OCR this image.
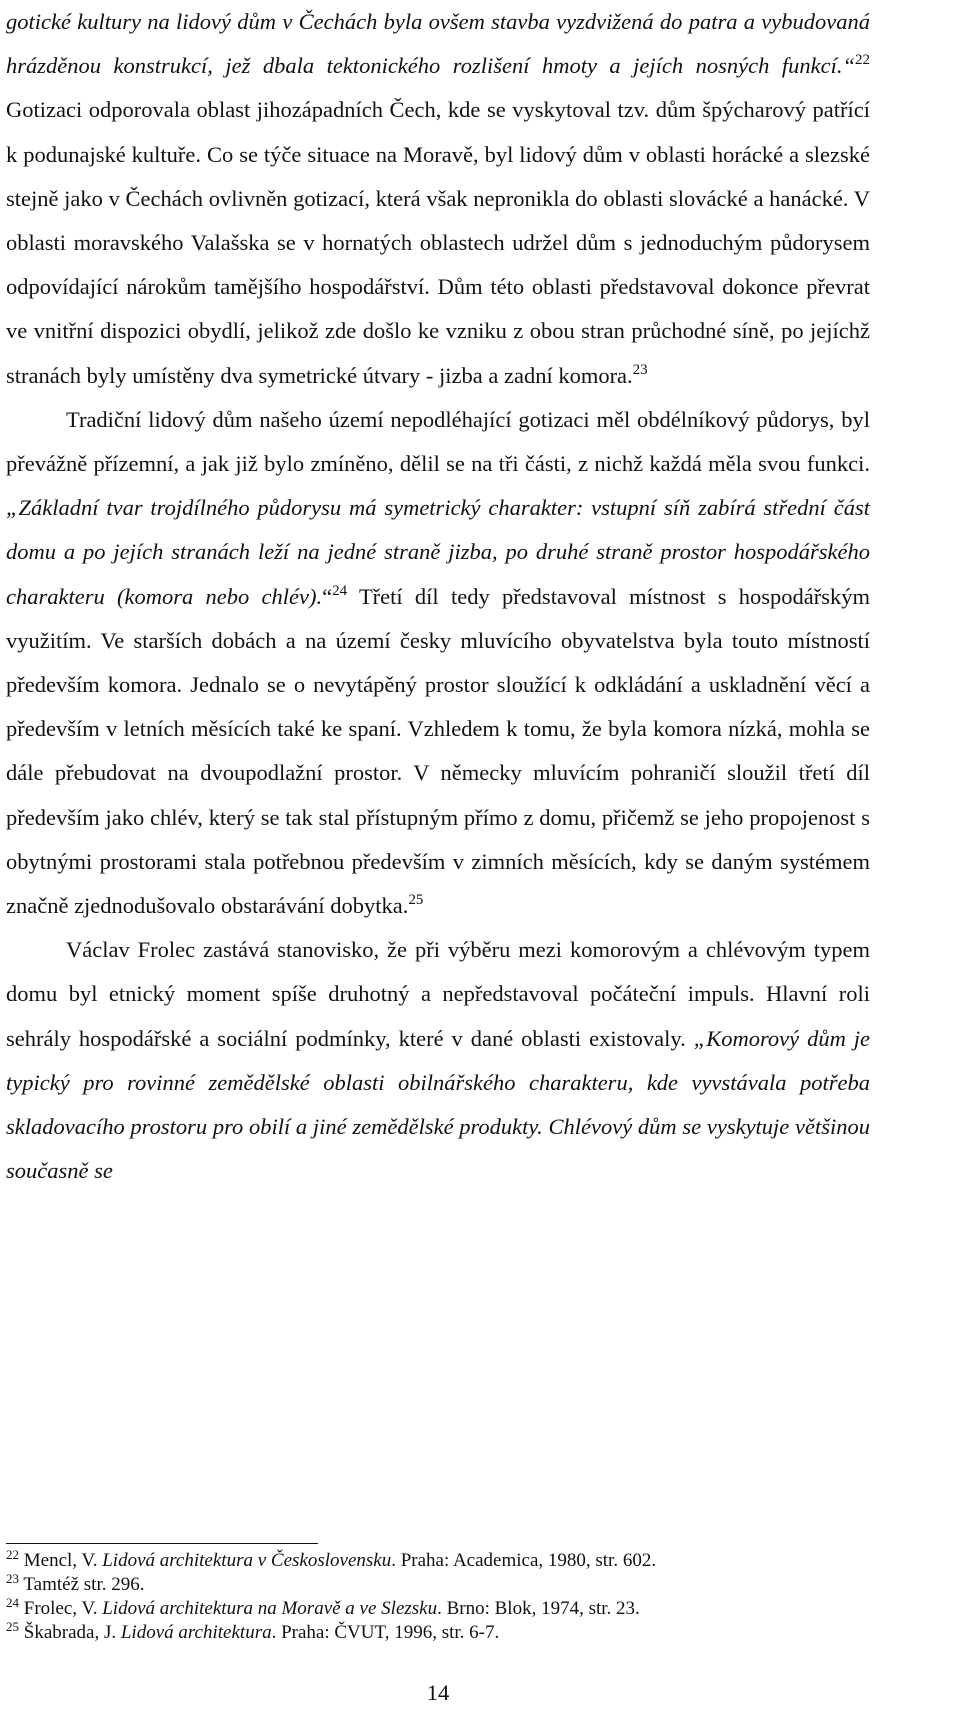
gotické kultury na lidový dům v Čechách byla ovšem stavba vyzdvižená do patra a vybudovaná hrázděnou konstrukcí, jež dbala tektonického rozlišení hmoty a jejích nosných funkcí.“$^{22}$ Gotizaci odporovala oblast jihozápadních Čech, kde se vyskytoval tzv. dům špýcharový patřící k podunajské kultuře. Co se týče situace na Moravě, byl lidový dům v oblasti horácké a slezské stejně jako v Čechách ovlivněn gotizací, která však nepronikla do oblasti slovácké a hanácké. V oblasti moravského Valašska se v hornatých oblastech udržel dům s jednoduchým půdorysem odpovídající nárokům tamějšího hospodářství. Dům této oblasti představoval dokonce převrat ve vnitřní dispozici obydlí, jelikož zde došlo ke vzniku z obou stran průchodné síně, po jejíchž stranách byly umístěny dva symetrické útvary - jizba a zadní komora.$^{23}$

Tradiční lidový dům našeho území nepodléhající gotizaci měl obdélníkový půdorys, byl převážně přízemní, a jak již bylo zmíněno, dělil se na tři části, z nichž každá měla svou funkci. „Základní tvar trojdílného půdorysu má symetrický charakter: vstupní síň zabírá střední část domu a po jejích stranách leží na jedné straně jizba, po druhé straně prostor hospodářského charakteru (komora nebo chlév).“$^{24}$ Třetí díl tedy představoval místnost s hospodářským využitím. Ve starších dobách a na území česky mluvícího obyvatelstva byla touto místností především komora. Jednalo se o nevytápěný prostor sloužící k odkládání a uskladnění věcí a především v letních měsících také ke spaní. Vzhledem k tomu, že byla komora nízká, mohla se dále přebudovat na dvoupodlažní prostor. V německy mluvícím pohraničí sloužil třetí díl především jako chlév, který se tak stal přístupným přímo z domu, přičemž se jeho propojenost s obytnými prostorami stala potřebnou především v zimních měsících, kdy se daným systémem značně zjednodušovalo obstarávání dobytka.$^{25}$

Václav Frolec zastává stanovisko, že při výběru mezi komorovým a chlévovým typem domu byl etnický moment spíše druhotný a nepředstavoval počáteční impuls. Hlavní roli sehrály hospodářské a sociální podmínky, které v dané oblasti existovaly. „Komorový dům je typický pro rovinné zemědělské oblasti obilnářského charakteru, kde vyvstávala potřeba skladovacího prostoru pro obilí a jiné zemědělské produkty. Chlévový dům se vyskytuje většinou současně se

$^{22}$ Mencl, V. Lidová architektura v Československu. Praha: Academica, 1980, str. 602.
$^{23}$ Tamtéž str. 296.
$^{24}$ Frolec, V. Lidová architektura na Moravě a ve Slezsku. Brno: Blok, 1974, str. 23.
$^{25}$ Škabrada, J. Lidová architektura. Praha: ČVUT, 1996, str. 6-7.
14
